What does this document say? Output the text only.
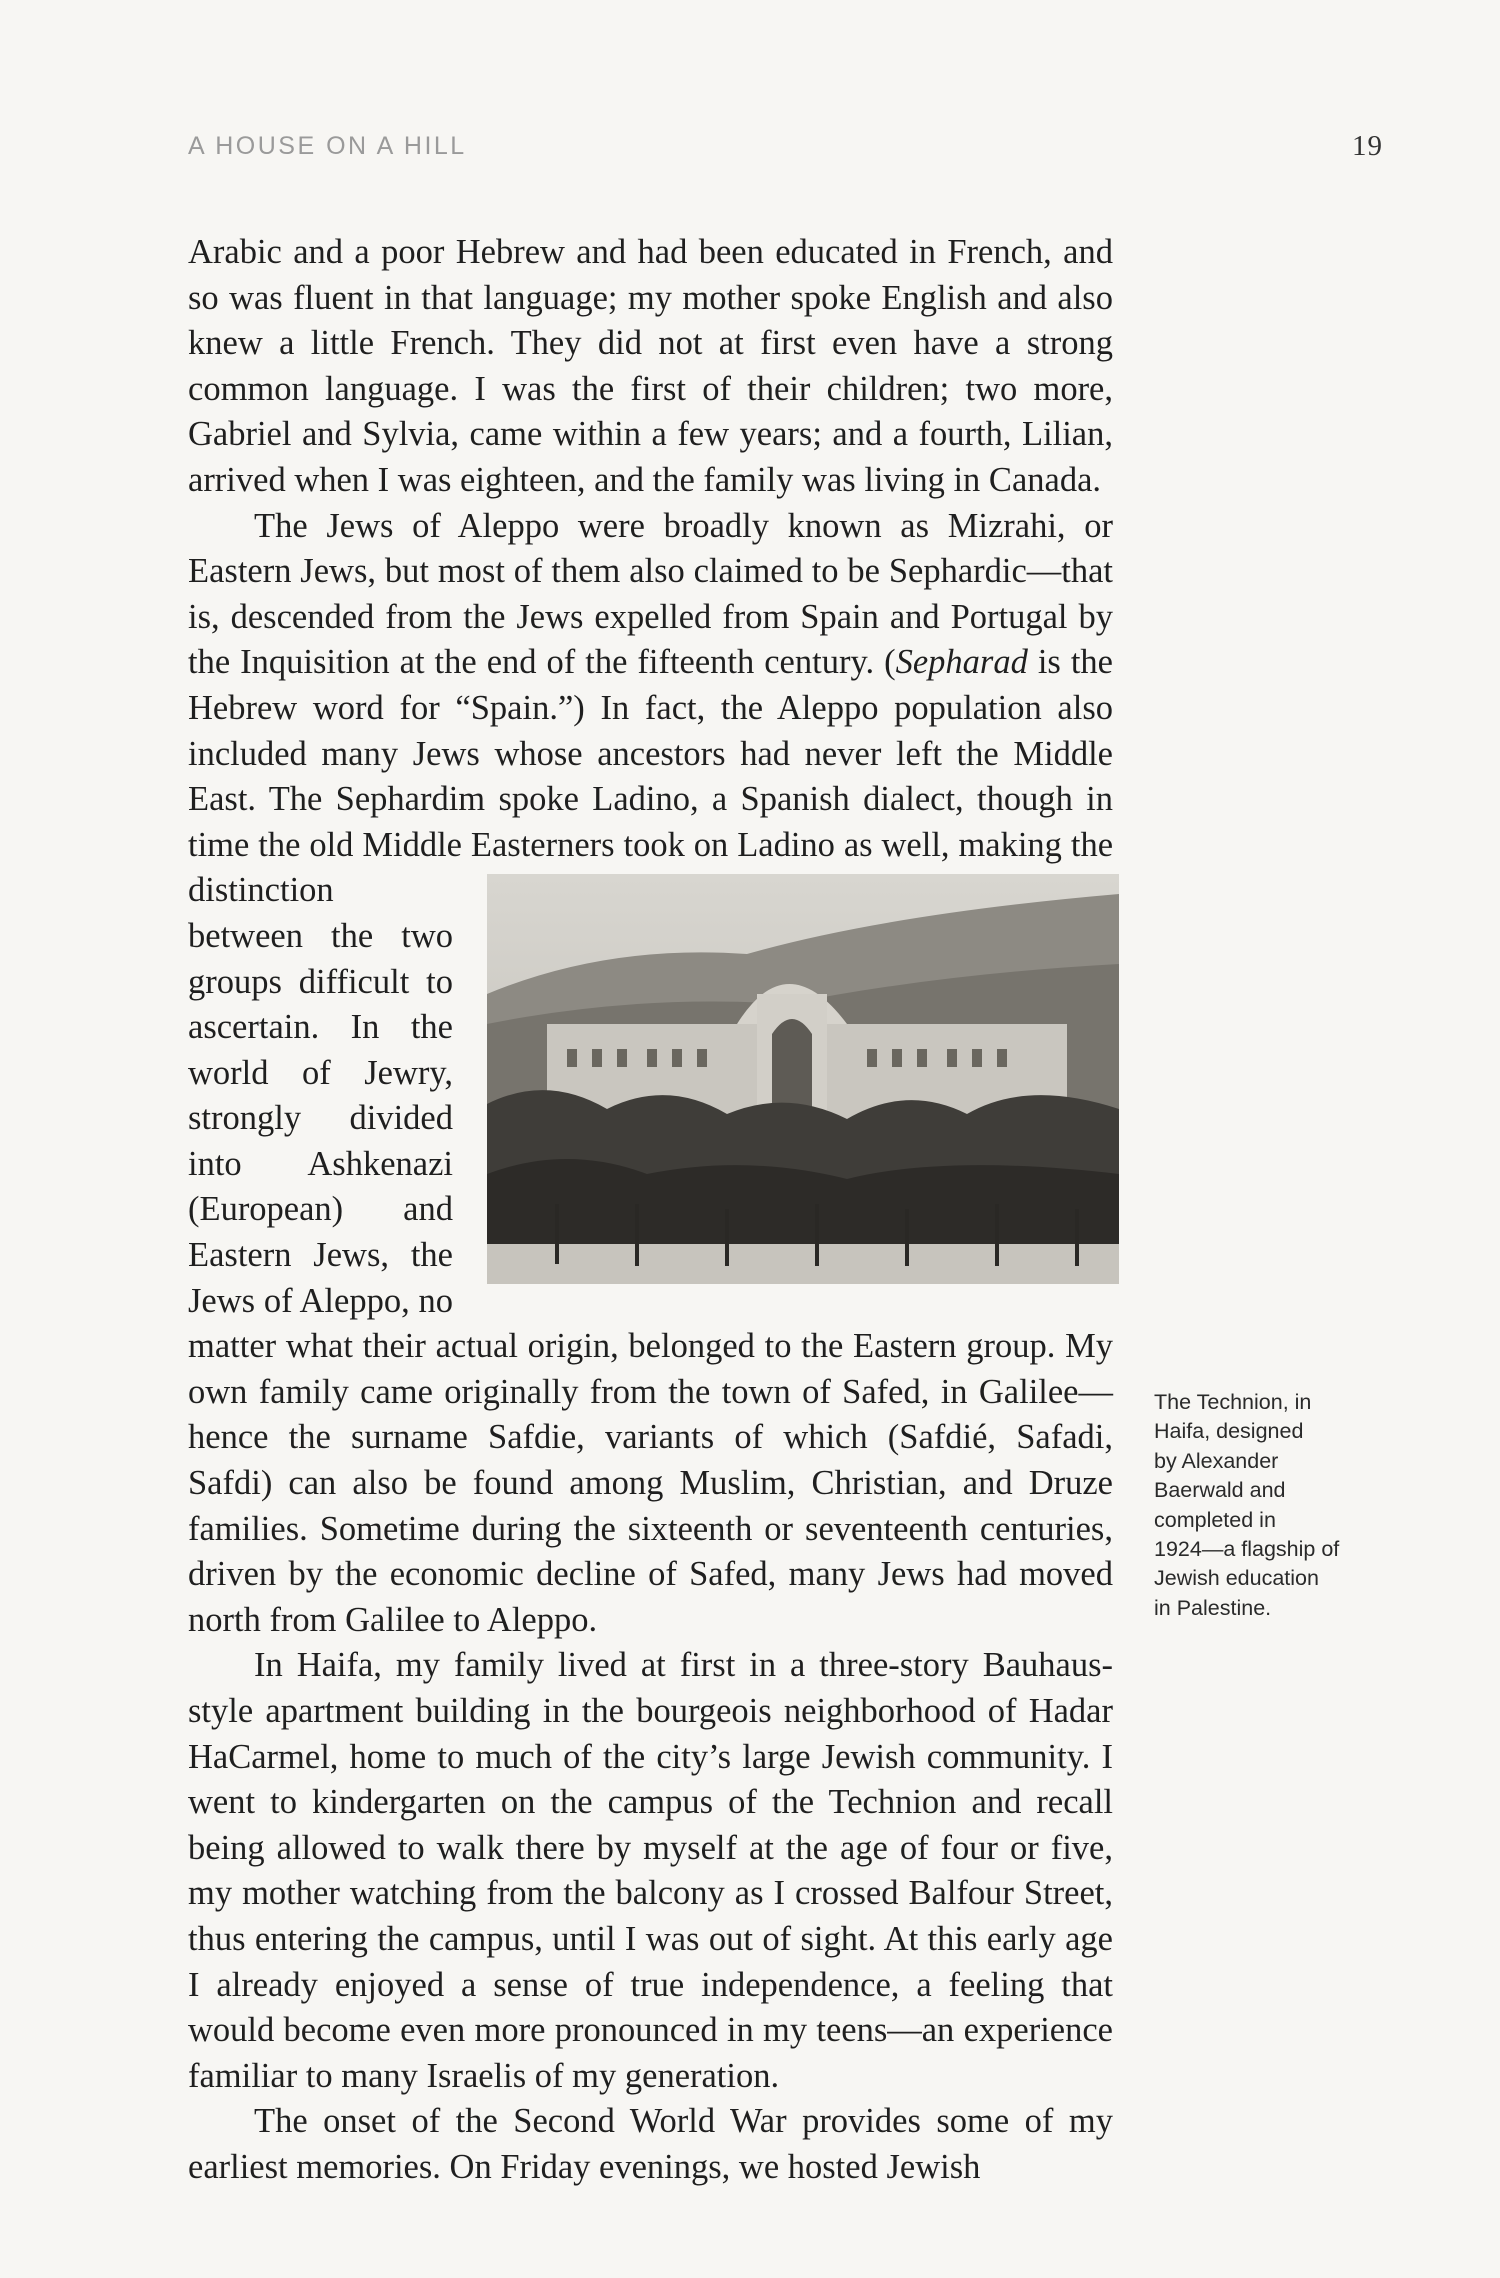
A HOUSE ON A HILL	19

Arabic and a poor Hebrew and had been educated in French, and so was fluent in that language; my mother spoke English and also knew a little French. They did not at first even have a strong common language. I was the first of their children; two more, Gabriel and Sylvia, came within a few years; and a fourth, Lilian, arrived when I was eighteen, and the family was living in Canada.

The Jews of Aleppo were broadly known as Mizrahi, or Eastern Jews, but most of them also claimed to be Sephardic—that is, descended from the Jews expelled from Spain and Portugal by the Inquisition at the end of the fifteenth century. (Sepharad is the Hebrew word for “Spain.”) In fact, the Aleppo population also included many Jews whose ancestors had never left the Middle East. The Sephardim spoke Ladino, a Spanish dialect, though in time the old Middle Easterners
took on Ladino as well, making the distinction between the two groups difficult to ascertain. In the world of Jewry, strongly divided into Ashkenazi (European) and Eastern Jews, the Jews of Aleppo, no matter what their actual origin, belonged to the Eastern group. My own family came originally from the town of Safed, in Galilee—hence the surname Safdie, variants of which (Safdié, Safadi, Safdi) can also be found among Muslim, Christian, and Druze families. Sometime during the sixteenth or seventeenth centuries, driven by the economic decline of Safed, many Jews had moved north from Galilee to Aleppo.

In Haifa, my family lived at first in a three-story Bauhaus-style apartment building in the bourgeois neighborhood of Hadar HaCarmel, home to much of the city’s large Jewish community. I went to kindergarten on the campus of the Technion and recall being allowed to walk there by myself at the age of four or five, my mother watching from the balcony as I crossed Balfour Street, thus entering the campus, until I was out of sight. At this early age I already enjoyed a sense of true independence, a feeling that would become even more pronounced in my teens—an experience familiar to many Israelis of my generation.

The onset of the Second World War provides some of my earliest memories. On Friday evenings, we hosted Jewish

The Technion, in
Haifa, designed
by Alexander
Baerwald and
completed in
1924—a flagship of
Jewish education
in Palestine.
